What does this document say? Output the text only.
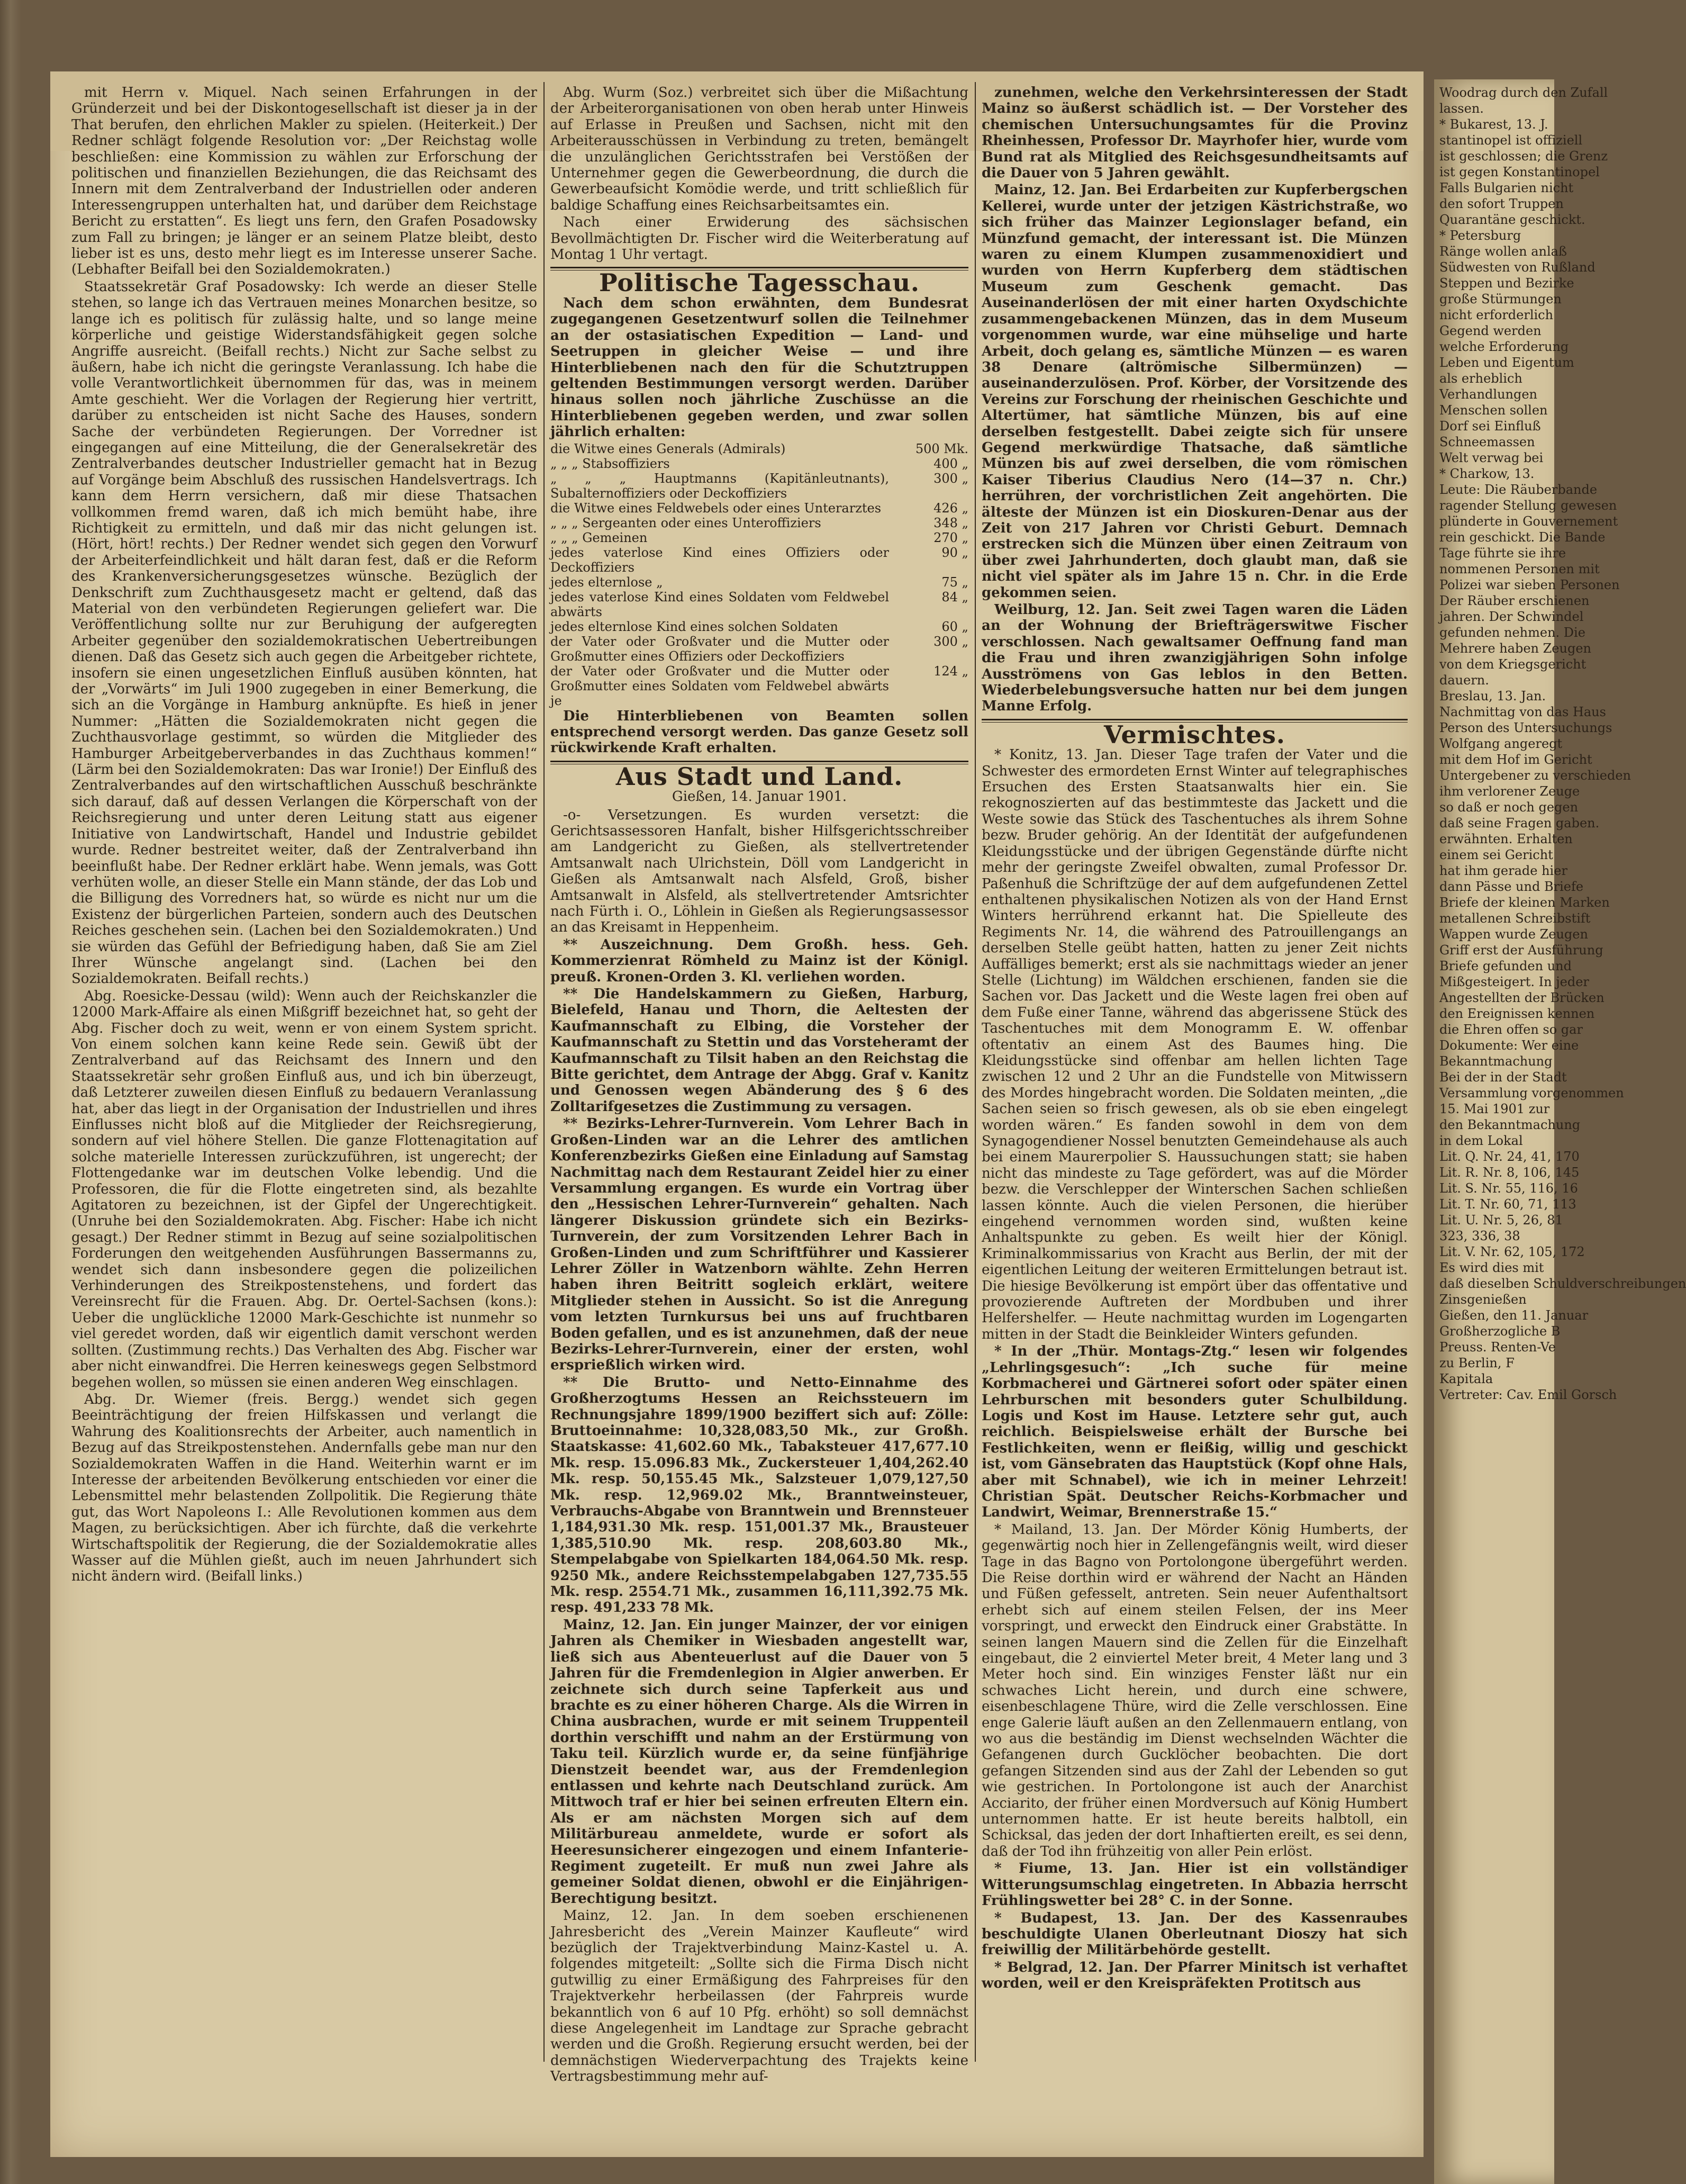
mit Herrn v. Miquel. Nach seinen Erfahrungen in der Gründerzeit und bei der Diskontogesellschaft ist dieser ja in der That berufen, den ehrlichen Makler zu spielen. (Heiterkeit.) Der Redner schlägt folgende Resolution vor: „Der Reichstag wolle beschließen: eine Kommission zu wählen zur Erforschung der politischen und finanziellen Beziehungen, die das Reichsamt des Innern mit dem Zentralverband der Industriellen oder anderen Interessengruppen unterhalten hat, und darüber dem Reichstage Bericht zu erstatten“. Es liegt uns fern, den Grafen Posadowsky zum Fall zu bringen; je länger er an seinem Platze bleibt, desto lieber ist es uns, desto mehr liegt es im Interesse unserer Sache. (Lebhafter Beifall bei den Sozialdemokraten.)

Staatssekretär Graf Posadowsky: Ich werde an dieser Stelle stehen, so lange ich das Vertrauen meines Monarchen besitze, so lange ich es politisch für zulässig halte, und so lange meine körperliche und geistige Widerstandsfähigkeit gegen solche Angriffe ausreicht. (Beifall rechts.) Nicht zur Sache selbst zu äußern, habe ich nicht die geringste Veranlassung. Ich habe die volle Verantwortlichkeit übernommen für das, was in meinem Amte geschieht. Wer die Vorlagen der Regierung hier vertritt, darüber zu entscheiden ist nicht Sache des Hauses, sondern Sache der verbündeten Regierungen. Der Vorredner ist eingegangen auf eine Mitteilung, die der Generalsekretär des Zentralverbandes deutscher Industrieller gemacht hat in Bezug auf Vorgänge beim Abschluß des russischen Handelsvertrags. Ich kann dem Herrn versichern, daß mir diese Thatsachen vollkommen fremd waren, daß ich mich bemüht habe, ihre Richtigkeit zu ermitteln, und daß mir das nicht gelungen ist. (Hört, hört! rechts.) Der Redner wendet sich gegen den Vorwurf der Arbeiterfeindlichkeit und hält daran fest, daß er die Reform des Krankenversicherungsgesetzes wünsche. Bezüglich der Denkschrift zum Zuchthausgesetz macht er geltend, daß das Material von den verbündeten Regierungen geliefert war. Die Veröffentlichung sollte nur zur Beruhigung der aufgeregten Arbeiter gegenüber den sozialdemokratischen Uebertreibungen dienen. Daß das Gesetz sich auch gegen die Arbeitgeber richtete, insofern sie einen ungesetzlichen Einfluß ausüben könnten, hat der „Vorwärts“ im Juli 1900 zugegeben in einer Bemerkung, die sich an die Vorgänge in Hamburg anknüpfte. Es hieß in jener Nummer: „Hätten die Sozialdemokraten nicht gegen die Zuchthausvorlage gestimmt, so würden die Mitglieder des Hamburger Arbeitgeberverbandes in das Zuchthaus kommen!“ (Lärm bei den Sozialdemokraten: Das war Ironie!) Der Einfluß des Zentralverbandes auf den wirtschaftlichen Ausschuß beschränkte sich darauf, daß auf dessen Verlangen die Körperschaft von der Reichsregierung und unter deren Leitung statt aus eigener Initiative von Landwirtschaft, Handel und Industrie gebildet wurde. Redner bestreitet weiter, daß der Zentralverband ihn beeinflußt habe. Der Redner erklärt habe. Wenn jemals, was Gott verhüten wolle, an dieser Stelle ein Mann stände, der das Lob und die Billigung des Vorredners hat, so würde es nicht nur um die Existenz der bürgerlichen Parteien, sondern auch des Deutschen Reiches geschehen sein. (Lachen bei den Sozialdemokraten.) Und sie würden das Gefühl der Befriedigung haben, daß Sie am Ziel Ihrer Wünsche angelangt sind. (Lachen bei den Sozialdemokraten. Beifall rechts.)

Abg. Roesicke-Dessau (wild): Wenn auch der Reichskanzler die 12000 Mark-Affaire als einen Mißgriff bezeichnet hat, so geht der Abg. Fischer doch zu weit, wenn er von einem System spricht. Von einem solchen kann keine Rede sein. Gewiß übt der Zentralverband auf das Reichsamt des Innern und den Staatssekretär sehr großen Einfluß aus, und ich bin überzeugt, daß Letzterer zuweilen diesen Einfluß zu bedauern Veranlassung hat, aber das liegt in der Organisation der Industriellen und ihres Einflusses nicht bloß auf die Mitglieder der Reichsregierung, sondern auf viel höhere Stellen. Die ganze Flottenagitation auf solche materielle Interessen zurückzuführen, ist ungerecht; der Flottengedanke war im deutschen Volke lebendig. Und die Professoren, die für die Flotte eingetreten sind, als bezahlte Agitatoren zu bezeichnen, ist der Gipfel der Ungerechtigkeit. (Unruhe bei den Sozialdemokraten. Abg. Fischer: Habe ich nicht gesagt.) Der Redner stimmt in Bezug auf seine sozialpolitischen Forderungen den weitgehenden Ausführungen Bassermanns zu, wendet sich dann insbesondere gegen die polizeilichen Verhinderungen des Streikpostenstehens, und fordert das Vereinsrecht für die Frauen. Abg. Dr. Oertel-Sachsen (kons.): Ueber die unglückliche 12000 Mark-Geschichte ist nunmehr so viel geredet worden, daß wir eigentlich damit verschont werden sollten. (Zustimmung rechts.) Das Verhalten des Abg. Fischer war aber nicht einwandfrei. Die Herren keineswegs gegen Selbstmord begehen wollen, so müssen sie einen anderen Weg einschlagen.

Abg. Dr. Wiemer (freis. Bergg.) wendet sich gegen Beeinträchtigung der freien Hilfskassen und verlangt die Wahrung des Koalitionsrechts der Arbeiter, auch namentlich in Bezug auf das Streikpostenstehen. Andernfalls gebe man nur den Sozialdemokraten Waffen in die Hand. Weiterhin warnt er im Interesse der arbeitenden Bevölkerung entschieden vor einer die Lebensmittel mehr belastenden Zollpolitik. Die Regierung thäte gut, das Wort Napoleons I.: Alle Revolutionen kommen aus dem Magen, zu berücksichtigen. Aber ich fürchte, daß die verkehrte Wirtschaftspolitik der Regierung, die der Sozialdemokratie alles Wasser auf die Mühlen gießt, auch im neuen Jahrhundert sich nicht ändern wird. (Beifall links.)

Abg. Wurm (Soz.) verbreitet sich über die Mißachtung der Arbeiterorganisationen von oben herab unter Hinweis auf Erlasse in Preußen und Sachsen, nicht mit den Arbeiterausschüssen in Verbindung zu treten, bemängelt die unzulänglichen Gerichtsstrafen bei Verstößen der Unternehmer gegen die Gewerbeordnung, die durch die Gewerbeaufsicht Komödie werde, und tritt schließlich für baldige Schaffung eines Reichsarbeitsamtes ein.

Nach einer Erwiderung des sächsischen Bevollmächtigten Dr. Fischer wird die Weiterberatung auf Montag 1 Uhr vertagt.

Politische Tagesschau.

Nach dem schon erwähnten, dem Bundesrat zugegangenen Gesetzentwurf sollen die Teilnehmer an der ostasiatischen Expedition — Land- und Seetruppen in gleicher Weise — und ihre Hinterbliebenen nach den für die Schutztruppen geltenden Bestimmungen versorgt werden. Darüber hinaus sollen noch jährliche Zuschüsse an die Hinterbliebenen gegeben werden, und zwar sollen jährlich erhalten:

die Witwe eines Generals (Admirals)	500 Mk.
„ „ „ Stabsoffiziers	400 „
„ „ „ Hauptmanns (Kapitänleutnants), Subalternoffiziers oder Deckoffiziers	300 „
die Witwe eines Feldwebels oder eines Unterarztes	426 „
„ „ „ Sergeanten oder eines Unteroffiziers	348 „
„ „ „ Gemeinen	270 „
jedes vaterlose Kind eines Offiziers oder Deckoffiziers	90 „
jedes elternlose „	75 „
jedes vaterlose Kind eines Soldaten vom Feldwebel abwärts	84 „
jedes elternlose Kind eines solchen Soldaten	60 „
der Vater oder Großvater und die Mutter oder Großmutter eines Offiziers oder Deckoffiziers	300 „
der Vater oder Großvater und die Mutter oder Großmutter eines Soldaten vom Feldwebel abwärts je	124 „

Die Hinterbliebenen von Beamten sollen entsprechend versorgt werden. Das ganze Gesetz soll rückwirkende Kraft erhalten.

Aus Stadt und Land.
Gießen, 14. Januar 1901.

-o- Versetzungen. Es wurden versetzt: die Gerichtsassessoren Hanfalt, bisher Hilfsgerichtsschreiber am Landgericht zu Gießen, als stellvertretender Amtsanwalt nach Ulrichstein, Döll vom Landgericht in Gießen als Amtsanwalt nach Alsfeld, Groß, bisher Amtsanwalt in Alsfeld, als stellvertretender Amtsrichter nach Fürth i. O., Löhlein in Gießen als Regierungsassessor an das Kreisamt in Heppenheim.

** Auszeichnung. Dem Großh. hess. Geh. Kommerzienrat Römheld zu Mainz ist der Königl. preuß. Kronen-Orden 3. Kl. verliehen worden.

** Die Handelskammern zu Gießen, Harburg, Bielefeld, Hanau und Thorn, die Aeltesten der Kaufmannschaft zu Elbing, die Vorsteher der Kaufmannschaft zu Stettin und das Vorsteheramt der Kaufmannschaft zu Tilsit haben an den Reichstag die Bitte gerichtet, dem Antrage der Abgg. Graf v. Kanitz und Genossen wegen Abänderung des § 6 des Zolltarifgesetzes die Zustimmung zu versagen.

** Bezirks-Lehrer-Turnverein. Vom Lehrer Bach in Großen-Linden war an die Lehrer des amtlichen Konferenzbezirks Gießen eine Einladung auf Samstag Nachmittag nach dem Restaurant Zeidel hier zu einer Versammlung ergangen. Es wurde ein Vortrag über den „Hessischen Lehrer-Turnverein“ gehalten. Nach längerer Diskussion gründete sich ein Bezirks-Turnverein, der zum Vorsitzenden Lehrer Bach in Großen-Linden und zum Schriftführer und Kassierer Lehrer Zöller in Watzenborn wählte. Zehn Herren haben ihren Beitritt sogleich erklärt, weitere Mitglieder stehen in Aussicht. So ist die Anregung vom letzten Turnkursus bei uns auf fruchtbaren Boden gefallen, und es ist anzunehmen, daß der neue Bezirks-Lehrer-Turnverein, einer der ersten, wohl ersprießlich wirken wird.

** Die Brutto- und Netto-Einnahme des Großherzogtums Hessen an Reichssteuern im Rechnungsjahre 1899/1900 beziffert sich auf: Zölle: Bruttoeinnahme: 10,328,083,50 Mk., zur Großh. Staatskasse: 41,602.60 Mk., Tabaksteuer 417,677.10 Mk. resp. 15.096.83 Mk., Zuckersteuer 1,404,262.40 Mk. resp. 50,155.45 Mk., Salzsteuer 1,079,127,50 Mk. resp. 12,969.02 Mk., Branntweinsteuer, Verbrauchs-Abgabe von Branntwein und Brennsteuer 1,184,931.30 Mk. resp. 151,001.37 Mk., Brausteuer 1,385,510.90 Mk. resp. 208,603.80 Mk., Stempelabgabe von Spielkarten 184,064.50 Mk. resp. 9250 Mk., andere Reichsstempelabgaben 127,735.55 Mk. resp. 2554.71 Mk., zusammen 16,111,392.75 Mk. resp. 491,233 78 Mk.

Mainz, 12. Jan. Ein junger Mainzer, der vor einigen Jahren als Chemiker in Wiesbaden angestellt war, ließ sich aus Abenteuerlust auf die Dauer von 5 Jahren für die Fremdenlegion in Algier anwerben. Er zeichnete sich durch seine Tapferkeit aus und brachte es zu einer höheren Charge. Als die Wirren in China ausbrachen, wurde er mit seinem Truppenteil dorthin verschifft und nahm an der Erstürmung von Taku teil. Kürzlich wurde er, da seine fünfjährige Dienstzeit beendet war, aus der Fremdenlegion entlassen und kehrte nach Deutschland zurück. Am Mittwoch traf er hier bei seinen erfreuten Eltern ein. Als er am nächsten Morgen sich auf dem Militärbureau anmeldete, wurde er sofort als Heeresunsicherer eingezogen und einem Infanterie-Regiment zugeteilt. Er muß nun zwei Jahre als gemeiner Soldat dienen, obwohl er die Einjährigen-Berechtigung besitzt.

Mainz, 12. Jan. In dem soeben erschienenen Jahresbericht des „Verein Mainzer Kaufleute“ wird bezüglich der Trajektverbindung Mainz-Kastel u. A. folgendes mitgeteilt: „Sollte sich die Firma Disch nicht gutwillig zu einer Ermäßigung des Fahrpreises für den Trajektverkehr herbeilassen (der Fahrpreis wurde bekanntlich von 6 auf 10 Pfg. erhöht) so soll demnächst diese Angelegenheit im Landtage zur Sprache gebracht werden und die Großh. Regierung ersucht werden, bei der demnächstigen Wiederverpachtung des Trajekts keine Vertragsbestimmung mehr auf-

zunehmen, welche den Verkehrsinteressen der Stadt Mainz so äußerst schädlich ist. — Der Vorsteher des chemischen Untersuchungsamtes für die Provinz Rheinhessen, Professor Dr. Mayrhofer hier, wurde vom Bund rat als Mitglied des Reichsgesundheitsamts auf die Dauer von 5 Jahren gewählt.

Mainz, 12. Jan. Bei Erdarbeiten zur Kupferbergschen Kellerei, wurde unter der jetzigen Kästrichstraße, wo sich früher das Mainzer Legionslager befand, ein Münzfund gemacht, der interessant ist. Die Münzen waren zu einem Klumpen zusammenoxidiert und wurden von Herrn Kupferberg dem städtischen Museum zum Geschenk gemacht. Das Auseinanderlösen der mit einer harten Oxydschichte zusammengebackenen Münzen, das in dem Museum vorgenommen wurde, war eine mühselige und harte Arbeit, doch gelang es, sämtliche Münzen — es waren 38 Denare (altrömische Silbermünzen) — auseinanderzulösen. Prof. Körber, der Vorsitzende des Vereins zur Forschung der rheinischen Geschichte und Altertümer, hat sämtliche Münzen, bis auf eine derselben festgestellt. Dabei zeigte sich für unsere Gegend merkwürdige Thatsache, daß sämtliche Münzen bis auf zwei derselben, die vom römischen Kaiser Tiberius Claudius Nero (14—37 n. Chr.) herrühren, der vorchristlichen Zeit angehörten. Die älteste der Münzen ist ein Dioskuren-Denar aus der Zeit von 217 Jahren vor Christi Geburt. Demnach erstrecken sich die Münzen über einen Zeitraum von über zwei Jahrhunderten, doch glaubt man, daß sie nicht viel später als im Jahre 15 n. Chr. in die Erde gekommen seien.

Weilburg, 12. Jan. Seit zwei Tagen waren die Läden an der Wohnung der Briefträgerswitwe Fischer verschlossen. Nach gewaltsamer Oeffnung fand man die Frau und ihren zwanzigjährigen Sohn infolge Ausströmens von Gas leblos in den Betten. Wiederbelebungsversuche hatten nur bei dem jungen Manne Erfolg.

Vermischtes.

* Konitz, 13. Jan. Dieser Tage trafen der Vater und die Schwester des ermordeten Ernst Winter auf telegraphisches Ersuchen des Ersten Staatsanwalts hier ein. Sie rekognoszierten auf das bestimmteste das Jackett und die Weste sowie das Stück des Taschentuches als ihrem Sohne bezw. Bruder gehörig. An der Identität der aufgefundenen Kleidungsstücke und der übrigen Gegenstände dürfte nicht mehr der geringste Zweifel obwalten, zumal Professor Dr. Paßenhuß die Schriftzüge der auf dem aufgefundenen Zettel enthaltenen physikalischen Notizen als von der Hand Ernst Winters herrührend erkannt hat. Die Spielleute des Regiments Nr. 14, die während des Patrouillengangs an derselben Stelle geübt hatten, hatten zu jener Zeit nichts Auffälliges bemerkt; erst als sie nachmittags wieder an jener Stelle (Lichtung) im Wäldchen erschienen, fanden sie die Sachen vor. Das Jackett und die Weste lagen frei oben auf dem Fuße einer Tanne, während das abgerissene Stück des Taschentuches mit dem Monogramm E. W. offenbar oftentativ an einem Ast des Baumes hing. Die Kleidungsstücke sind offenbar am hellen lichten Tage zwischen 12 und 2 Uhr an die Fundstelle von Mitwissern des Mordes hingebracht worden. Die Soldaten meinten, „die Sachen seien so frisch gewesen, als ob sie eben eingelegt worden wären.“ Es fanden sowohl in dem von dem Synagogendiener Nossel benutzten Gemeindehause als auch bei einem Maurerpolier S. Haussuchungen statt; sie haben nicht das mindeste zu Tage gefördert, was auf die Mörder bezw. die Verschlepper der Winterschen Sachen schließen lassen könnte. Auch die vielen Personen, die hierüber eingehend vernommen worden sind, wußten keine Anhaltspunkte zu geben. Es weilt hier der Königl. Kriminalkommissarius von Kracht aus Berlin, der mit der eigentlichen Leitung der weiteren Ermittelungen betraut ist. Die hiesige Bevölkerung ist empört über das offentative und provozierende Auftreten der Mordbuben und ihrer Helfershelfer. — Heute nachmittag wurden im Logengarten mitten in der Stadt die Beinkleider Winters gefunden.

* In der „Thür. Montags-Ztg.“ lesen wir folgendes „Lehrlingsgesuch“: „Ich suche für meine Korbmacherei und Gärtnerei sofort oder später einen Lehrburschen mit besonders guter Schulbildung. Logis und Kost im Hause. Letztere sehr gut, auch reichlich. Beispielsweise erhält der Bursche bei Festlichkeiten, wenn er fleißig, willig und geschickt ist, vom Gänsebraten das Hauptstück (Kopf ohne Hals, aber mit Schnabel), wie ich in meiner Lehrzeit! Christian Spät. Deutscher Reichs-Korbmacher und Landwirt, Weimar, Brennerstraße 15.“

* Mailand, 13. Jan. Der Mörder König Humberts, der gegenwärtig noch hier in Zellengefängnis weilt, wird dieser Tage in das Bagno von Portolongone übergeführt werden. Die Reise dorthin wird er während der Nacht an Händen und Füßen gefesselt, antreten. Sein neuer Aufenthaltsort erhebt sich auf einem steilen Felsen, der ins Meer vorspringt, und erweckt den Eindruck einer Grabstätte. In seinen langen Mauern sind die Zellen für die Einzelhaft eingebaut, die 2 einviertel Meter breit, 4 Meter lang und 3 Meter hoch sind. Ein winziges Fenster läßt nur ein schwaches Licht herein, und durch eine schwere, eisenbeschlagene Thüre, wird die Zelle verschlossen. Eine enge Galerie läuft außen an den Zellenmauern entlang, von wo aus die beständig im Dienst wechselnden Wächter die Gefangenen durch Gucklöcher beobachten. Die dort gefangen Sitzenden sind aus der Zahl der Lebenden so gut wie gestrichen. In Portolongone ist auch der Anarchist Acciarito, der früher einen Mordversuch auf König Humbert unternommen hatte. Er ist heute bereits halbtoll, ein Schicksal, das jeden der dort Inhaftierten ereilt, es sei denn, daß der Tod ihn frühzeitig von aller Pein erlöst.

* Fiume, 13. Jan. Hier ist ein vollständiger Witterungsumschlag eingetreten. In Abbazia herrscht Frühlingswetter bei 28° C. in der Sonne.

* Budapest, 13. Jan. Der des Kassenraubes beschuldigte Ulanen Oberleutnant Dioszy hat sich freiwillig der Militärbehörde gestellt.

* Belgrad, 12. Jan. Der Pfarrer Minitsch ist verhaftet worden, weil er den Kreispräfekten Protitsch aus

Woodrag durch den Zufall
lassen.
* Bukarest, 13. J.
stantinopel ist offiziell
ist geschlossen; die Grenz
ist gegen Konstantinopel
Falls Bulgarien nicht
den sofort Truppen
Quarantäne geschickt.
* Petersburg
Ränge wollen anlaß
Südwesten von Rußland
Steppen und Bezirke
große Stürmungen
nicht erforderlich
Gegend werden
welche Erforderung
Leben und Eigentum
als erheblich
Verhandlungen
Menschen sollen
Dorf sei Einfluß
Schneemassen
Welt verwag bei
* Charkow, 13.
Leute: Die Räuberbande
ragender Stellung gewesen
plünderte in Gouvernement
rein geschickt. Die Bande
Tage führte sie ihre
nommenen Personen mit
Polizei war sieben Personen
Der Räuber erschienen
jahren. Der Schwindel
gefunden nehmen. Die
Mehrere haben Zeugen
von dem Kriegsgericht
dauern.
Breslau, 13. Jan.
Nachmittag von das Haus
Person des Untersuchungs
Wolfgang angeregt
mit dem Hof im Gericht
Untergebener zu verschieden
ihm verlorener Zeuge
so daß er noch gegen
daß seine Fragen gaben.
erwähnten. Erhalten
einem sei Gericht
hat ihm gerade hier
dann Pässe und Briefe
Briefe der kleinen Marken
metallenen Schreibstift
Wappen wurde Zeugen
Griff erst der Ausführung
Briefe gefunden und
Mißgesteigert. In jeder
Angestellten der Brücken
den Ereignissen kennen
die Ehren offen so gar
Dokumente: Wer eine
Bekanntmachung
Bei der in der Stadt
Versammlung vorgenommen
15. Mai 1901 zur
den Bekanntmachung
in dem Lokal
Lit. Q. Nr. 24, 41, 170
Lit. R. Nr. 8, 106, 145
Lit. S. Nr. 55, 116, 16
Lit. T. Nr. 60, 71, 113
Lit. U. Nr. 5, 26, 81
323, 336, 38
Lit. V. Nr. 62, 105, 172
Es wird dies mit
daß dieselben Schuldverschreibungen
Zinsgenießen
Gießen, den 11. Januar
Großherzogliche B
Preuss. Renten-Ve
zu Berlin, F
Kapitala
Vertreter: Cav. Emil Gorsch
